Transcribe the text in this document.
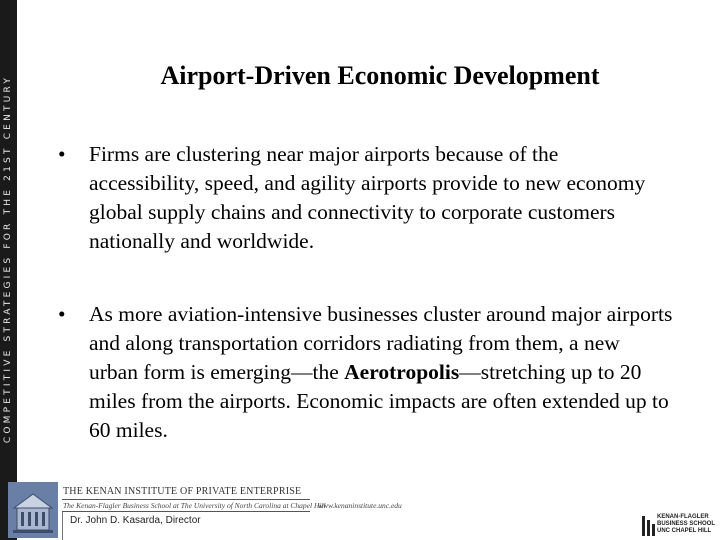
COMPETITIVE STRATEGIES FOR THE 21ST CENTURY	Airport-Driven Economic Development
• Firms are clustering near major airports because of the accessibility, speed, and agility airports provide to new economy global supply chains and connectivity to corporate customers nationally and worldwide.
• As more aviation-intensive businesses cluster around major airports and along transportation corridors radiating from them, a new urban form is emerging—the Aerotropolis—stretching up to 20 miles from the airports. Economic impacts are often extended up to 60 miles.
THE KENAN INSTITUTE OF PRIVATE ENTERPRISE
The Kenan-Flagler Business School at The University of North Carolina at Chapel Hill
www.kenaninstitute.unc.edu
Dr. John D. Kasarda, Director	KENAN-FLAGLER
BUSINESS SCHOOL
UNC CHAPEL HILL
